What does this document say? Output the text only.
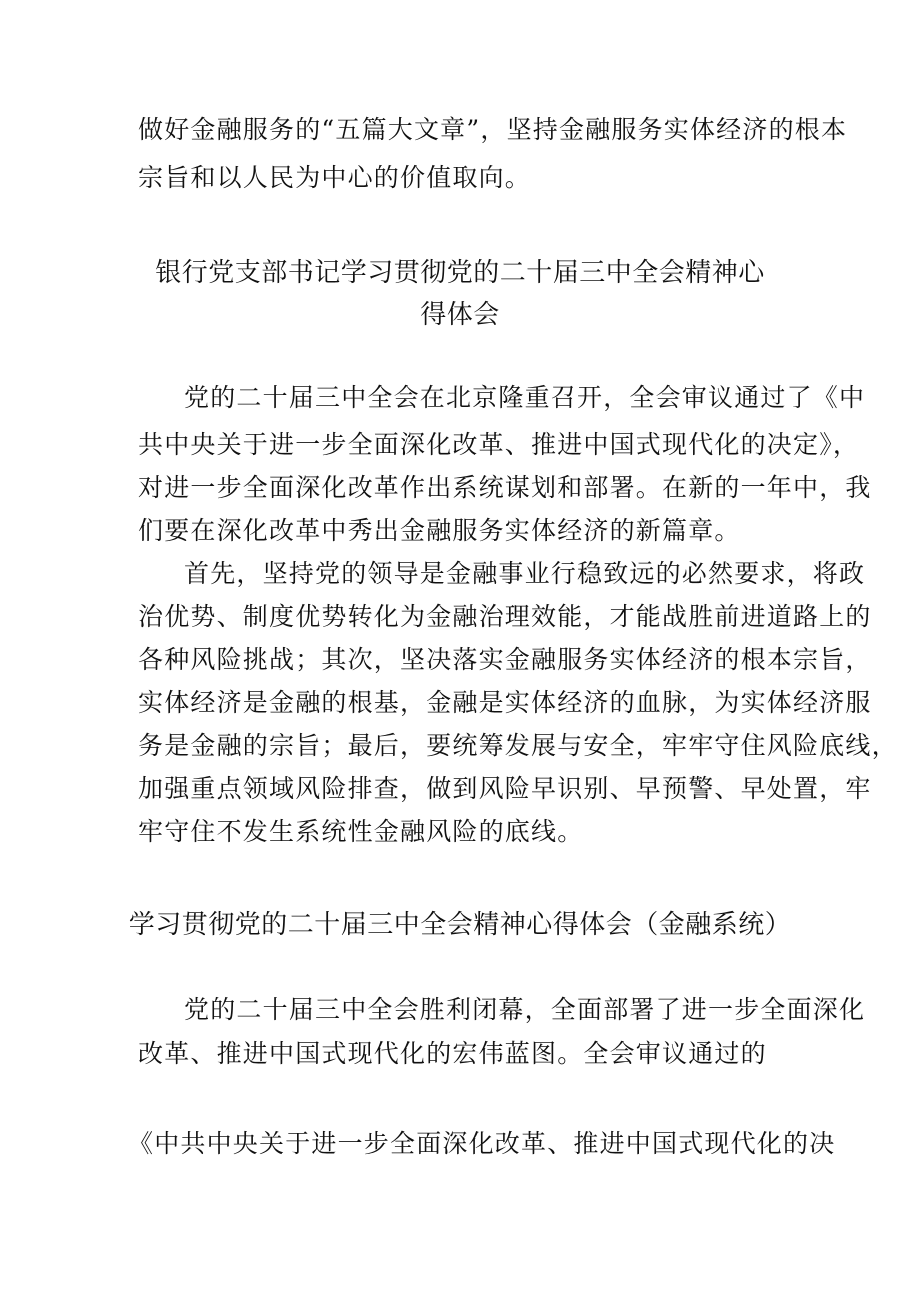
做好金融服务的“五篇大文章”，坚持金融服务实体经济的根本
宗旨和以人民为中心的价值取向。
银行党支部书记学习贯彻党的二十届三中全会精神心
得体会
党的二十届三中全会在北京隆重召开，全会审议通过了《中
共中央关于进一步全面深化改革、推进中国式现代化的决定》，
对进一步全面深化改革作出系统谋划和部署。在新的一年中，我
们要在深化改革中秀出金融服务实体经济的新篇章。
首先，坚持党的领导是金融事业行稳致远的必然要求，将政
治优势、制度优势转化为金融治理效能，才能战胜前进道路上的
各种风险挑战；其次，坚决落实金融服务实体经济的根本宗旨，
实体经济是金融的根基，金融是实体经济的血脉，为实体经济服
务是金融的宗旨；最后，要统筹发展与安全，牢牢守住风险底线，
加强重点领域风险排查，做到风险早识别、早预警、早处置，牢
牢守住不发生系统性金融风险的底线。
学习贯彻党的二十届三中全会精神心得体会（金融系统）
党的二十届三中全会胜利闭幕，全面部署了进一步全面深化
改革、推进中国式现代化的宏伟蓝图。全会审议通过的
《中共中央关于进一步全面深化改革、推进中国式现代化的决
